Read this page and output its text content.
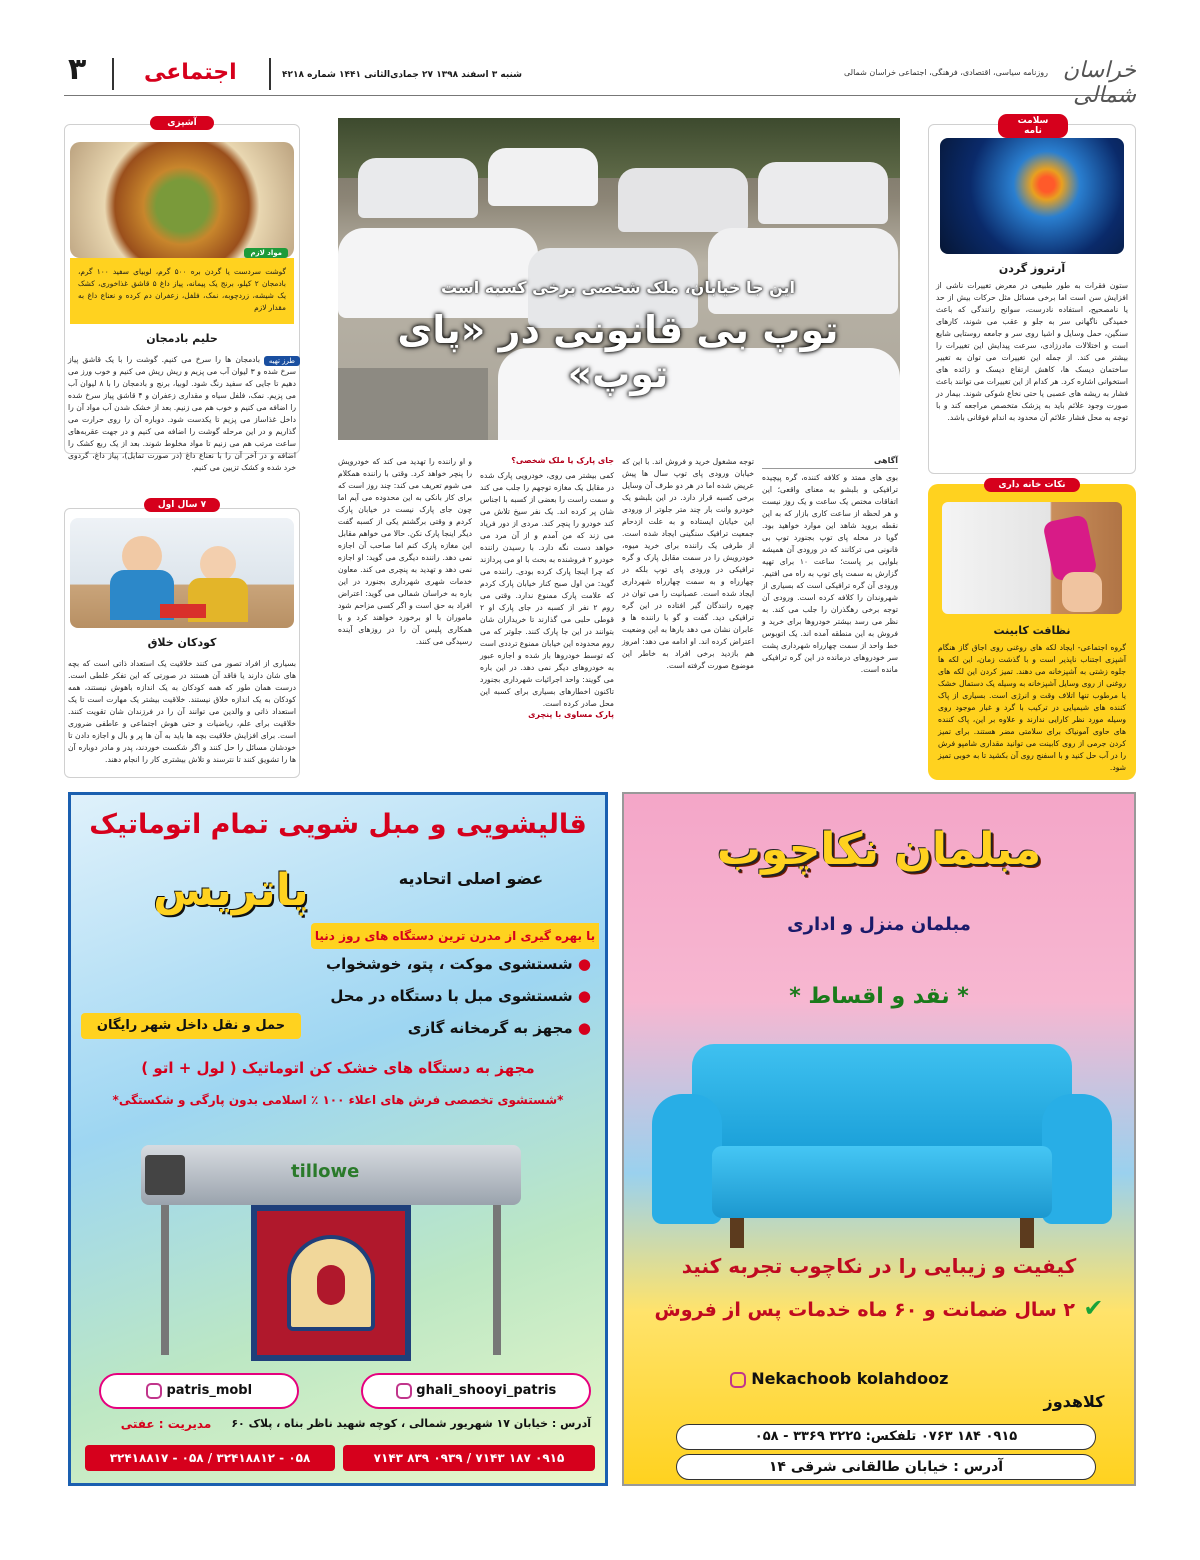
۳	اجتماعی	شنبه ۳ اسفند ۱۳۹۸ ۲۷ جمادی‌الثانی ۱۴۴۱ شماره ۴۲۱۸	روزنامه سیاسی، اقتصادی، فرهنگی، اجتماعی خراسان شمالی خراسان شمالی
آشپزی
مواد لازم
گوشت سردست یا گردن بره ۵۰۰ گرم، لوبیای سفید ۱۰۰ گرم، بادمجان ۲ کیلو، برنج یک پیمانه، پیاز داغ ۵ قاشق غذاخوری، کشک یک شیشه، زردچوبه، نمک، فلفل، زعفران دم کرده و نعناع داغ به مقدار لازم
حلیم بادمجان
طرز تهیه
بادمجان ها را سرخ می کنیم. گوشت را با یک قاشق پیاز سرخ شده و ۳ لیوان آب می پزیم و ریش ریش می کنیم و خوب ورز می دهیم تا جایی که سفید رنگ شود. لوبیا، برنج و بادمجان را با ۸ لیوان آب می پزیم. نمک، فلفل سیاه و مقداری زعفران و ۴ قاشق پیاز سرخ شده را اضافه می کنیم و خوب هم می زنیم. بعد از خشک شدن آب مواد آن را داخل غذاساز می پزیم تا یکدست شود. دوباره آن را روی حرارت می گذاریم و در این مرحله گوشت را اضافه می کنیم و در جهت عقربه‌های ساعت مرتب هم می زنیم تا مواد مخلوط شوند. بعد از یک ربع کشک را اضافه و در آخر آن را با نعناع داغ (در صورت تمایل)، پیاز داغ، گردوی خرد شده و کشک تزیین می کنیم.
۷ سال اول
کودکان خلاق
بسیاری از افراد تصور می کنند خلاقیت یک استعداد ذاتی است که بچه های شان دارند یا فاقد آن هستند در صورتی که این تفکر غلطی است. درست همان طور که همه کودکان به یک اندازه باهوش نیستند، همه کودکان به یک اندازه خلاق نیستند. خلاقیت بیشتر یک مهارت است تا یک استعداد ذاتی و والدین می توانند آن را در فرزندان شان تقویت کنند. خلاقیت برای علم، ریاضیات و حتی هوش اجتماعی و عاطفی ضروری است. برای افزایش خلاقیت بچه ها باید به آن ها پر و بال و اجازه دادن تا خودشان مسائل را حل کنند و اگر شکست خوردند، پدر و مادر دوباره آن ها را تشویق کنند تا نترسند و تلاش بیشتری کار را انجام دهند.
این جا خیابان، ملک شخصی برخی کسبه است
توپ بی قانونی در «پای توپ»
آگاهی
بوی های ممتد و کلافه کننده، گره پیچیده ترافیکی و بلبشو به معنای واقعی؛ این اتفاقات مختص یک ساعت و یک روز نیست و هر لحظه از ساعت کاری بازار که به این نقطه بروید شاهد این موارد خواهید بود. گویا در محله پای توپ بجنورد توپ بی قانونی می ترکانند که در ورودی آن همیشه بلوایی بر پاست؛ ساعت ۱۰ برای تهیه گزارش به سمت پای توپ به راه می افتیم. ورودی آن گره ترافیکی است که بسیاری از شهروندان را کلافه کرده است. ورودی آن توجه برخی رهگذران را جلب می کند. به نظر می رسد بیشتر خودروها برای خرید و فروش به این منطقه آمده اند. یک اتوبوس خط واحد از سمت چهارراه شهرداری پشت سر خودروهای درمانده در این گره ترافیکی مانده است.
توجه مشغول خرید و فروش اند. با این که خیابان ورودی پای توپ سال ها پیش عریض شده اما در هر دو طرف آن وسایل برخی کسبه قرار دارد. در این بلبشو یک خودرو وانت بار چند متر جلوتر از ورودی این خیابان ایستاده و به علت ازدحام جمعیت ترافیک سنگینی ایجاد شده است. از طرفی یک راننده برای خرید میوه، خودرویش را در سمت مقابل پارک و گره ترافیکی در ورودی پای توپ بلکه در چهارراه و به سمت چهارراه شهرداری ایجاد شده است. عصبانیت را می توان در چهره رانندگان گیر افتاده در این گره ترافیکی دید. گفت و گو با راننده ها و عابران نشان می دهد بارها به این وضعیت اعتراض کرده اند. او ادامه می دهد: امروز هم بازدید برخی افراد به خاطر این موضوع صورت گرفته است.
جای پارک یا ملک شخصی؟
کمی بیشتر می روی، خودرویی پارک شده در مقابل یک مغازه توجهم را جلب می کند و سمت راست را بعضی از کسبه با اجناس شان پر کرده اند. یک نفر سیخ تلاش می کند خودرو را پنچر کند. مردی از دور فریاد می زند که من آمدم و از آن مرد می خواهد دست نگه دارد. با رسیدن راننده خودرو ۲ فروشنده به بحث با او می پردازند که چرا اینجا پارک کرده بودی. راننده می گوید: من اول صبح کنار خیابان پارک کردم که علامت پارک ممنوع ندارد. وقتی می روم ۲ نفر از کسبه در جای پارک او ۲ قوطی حلبی می گذارند تا خریداران شان بتوانند در این جا پارک کنند. جلوتر که می روم محدوده این خیابان ممنوع ترددی است که توسط خودروها باز شده و اجازه عبور به خودروهای دیگر نمی دهد. در این باره می گویند: واحد اجرائیات شهرداری بجنورد تاکنون اخطارهای بسیاری برای کسبه این محل صادر کرده است.
پارک مساوی با پنچری
و او راننده را تهدید می کند که خودرویش را پنچر خواهد کرد. وقتی با راننده همکلام می شوم تعریف می کند: چند روز است که برای کار بانکی به این محدوده می آیم اما چون جای پارک نیست در خیابان پارک کردم و وقتی برگشتم یکی از کسبه گفت دیگر اینجا پارک نکن. حالا می خواهم مقابل این مغازه پارک کنم اما صاحب آن اجازه نمی دهد. راننده دیگری می گوید: او اجازه نمی دهد و تهدید به پنچری می کند. معاون خدمات شهری شهرداری بجنورد در این باره به خراسان شمالی می گوید: اعتراض افراد به حق است و اگر کسی مزاحم شود ماموران با او برخورد خواهند کرد و با همکاری پلیس آن را در روزهای آینده رسیدگی می کنند.
سلامت نامه
آرتروز گردن
ستون فقرات به طور طبیعی در معرض تغییرات ناشی از افزایش سن است اما برخی مسائل مثل حرکات بیش از حد یا نامصحیح، استفاده نادرست، سوانح رانندگی که باعث خمیدگی ناگهانی سر به جلو و عقب می شوند، کارهای سنگین، حمل وسایل و اشیا روی سر و جامعه روستایی شایع است و اختلالات مادرزادی، سرعت پیدایش این تغییرات را بیشتر می کند. از جمله این تغییرات می توان به تغییر ساختمان دیسک ها، کاهش ارتفاع دیسک و زائده های استخوانی اشاره کرد. هر کدام از این تغییرات می توانند باعث فشار به ریشه های عصبی یا حتی نخاع شوکی شوند. بیمار در صورت وجود علائم باید به پزشک متخصص مراجعه کند و با توجه به محل فشار علائم آن محدود به اندام فوقانی باشد.
نکات خانه داری
نظافت کابینت
گروه اجتماعی- ایجاد لکه های روغنی روی اجاق گاز هنگام آشپزی اجتناب ناپذیر است و با گذشت زمان، این لکه ها جلوه زشتی به آشپزخانه می دهند. تمیز کردن این لکه های روغنی از روی وسایل آشپزخانه به وسیله یک دستمال خشک یا مرطوب تنها اتلاف وقت و انرژی است. بسیاری از پاک کننده های شیمیایی در ترکیب با گرد و غبار موجود روی وسیله مورد نظر کارایی ندارند و علاوه بر این، پاک کننده های حاوی آمونیاک برای سلامتی مضر هستند. برای تمیز کردن جرمی از روی کابینت می توانید مقداری شامپو فرش را در آب حل کنید و با اسفنج روی آن بکشید تا به خوبی تمیز شود.
قالیشویی و مبل شویی تمام اتوماتیک
عضو اصلی اتحادیه
پاتریس
با بهره گیری از مدرن ترین دستگاه های روز دنیا
● شستشوی موکت ، پتو، خوشخواب
● شستشوی مبل با دستگاه در محل
● مجهز به گرمخانه گازی
حمل و نقل داخل شهر رایگان
مجهز به دستگاه های خشک کن اتوماتیک ( لول + اتو )
*شستشوی تخصصی فرش های اعلاء ۱۰۰ ٪ اسلامی بدون پارگی و شکستگی*
tillowe
patris_mobl	ghali_shooyi_patris
آدرس : خیابان ۱۷ شهریور شمالی ، کوچه شهید ناظر بناه ، پلاک ۶۰
مدیریت : عفتی
۰۵۸ - ۳۲۴۱۸۸۱۲ / ۰۵۸ - ۳۲۴۱۸۸۱۷	۰۹۱۵ ۱۸۷ ۷۱۴۳ / ۰۹۳۹ ۸۳۹ ۷۱۴۳
مبلمان نکاچوب
مبلمان منزل و اداری
* نقد و اقساط *
کیفیت و زیبایی را در نکاچوب تجربه کنید
✔ ۲ سال ضمانت و ۶۰ ماه خدمات پس از فروش
Nekachoob kolahdooz
کلاهدوز
۰۹۱۵ ۱۸۴ ۰۷۶۳ تلفکس: ۳۲۲۵ ۳۳۶۹ - ۰۵۸
آدرس : خیابان طالقانی شرقی ۱۴
